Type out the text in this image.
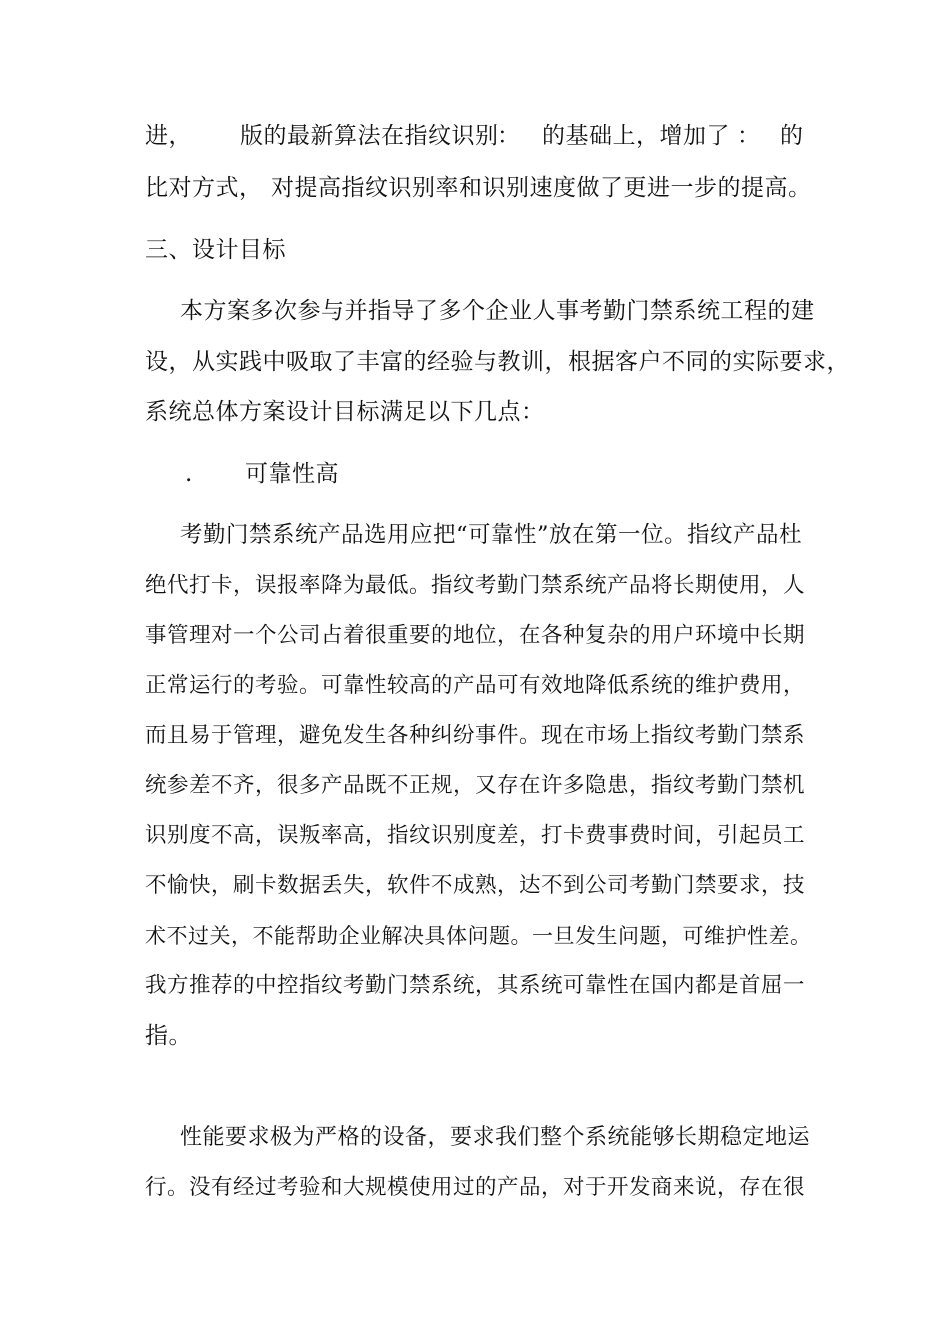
进， 版的最新算法在指纹识别
： 的基础上，增加了 ： 的
比对方式， 对提高指纹识别率和识别速度做了更进一步的提高。
三、设计目标
本方案多次参与并指导了多个企业人事考勤门禁系统工程的建
设，从实践中吸取了丰富的经验与教训，根据客户不同的实际要求，
系统总体方案设计目标满足以下几点：
. 可靠性高
考勤门禁系统产品选用应把“可靠性”放在第一位。指纹产品杜
绝代打卡，误报率降为最低。指纹考勤门禁系统产品将长期使用，人
事管理对一个公司占着很重要的地位，在各种复杂的用户环境中长期
正常运行的考验。可靠性较高的产品可有效地降低系统的维护费用，
而且易于管理，避免发生各种纠纷事件。现在市场上指纹考勤门禁系
统参差不齐，很多产品既不正规，又存在许多隐患，指纹考勤门禁机
识别度不高，误叛率高，指纹识别度差，打卡费事费时间，引起员工
不愉快，刷卡数据丢失，软件不成熟，达不到公司考勤门禁要求，技
术不过关，不能帮助企业解决具体问题。一旦发生问题，可维护性差。
我方推荐的中控指纹考勤门禁系统，其系统可靠性在国内都是首屈一
指。
性能要求极为严格的设备，要求我们整个系统能够长期稳定地运
行。没有经过考验和大规模使用过的产品，对于开发商来说，存在很
